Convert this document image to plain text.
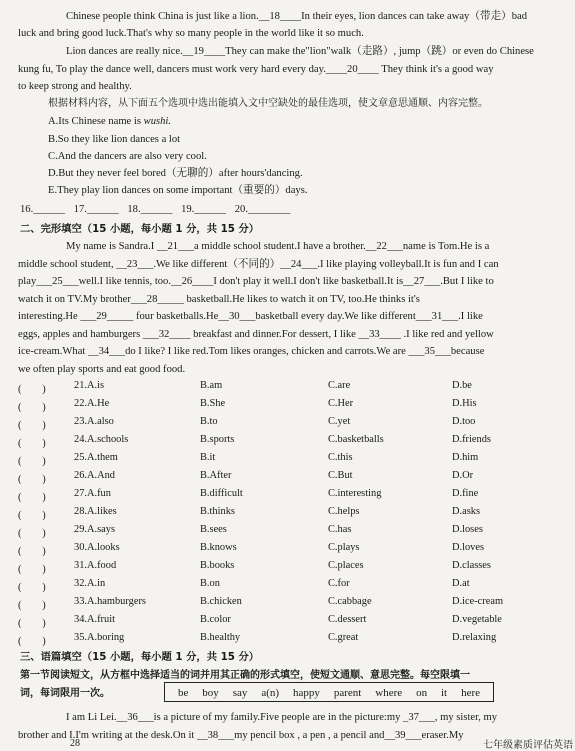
Chinese people think China is just like a lion.__18____In their eyes, lion dances can take away（带走）bad

luck and bring good luck.That's why so many people in the world like it so much.

Lion dances are really nice.__19____They can make the"lion"walk（走路）, jump（跳）or even do Chinese

kung fu, To play the dance well, dancers must work very hard every day.____20____ They think it's a good way

to keep strong and healthy.

根据材料内容，从下面五个选项中选出能填入文中空缺处的最佳选项，使文章意思通顺、内容完整。

A.Its Chinese name is wushi.

B.So they like lion dances a lot

C.And the dancers are also very cool.

D.But they never feel bored（无聊的）after hours'dancing.

E.They play lion dances on some important（重要的）days.

16.______ 17.______ 18.______ 19.______ 20.________

二、完形填空（15 小题，每小题 1 分，共 15 分）

My name is Sandra.I __21___a middle school student.I have a brother.__22___name is Tom.He is a

middle school student, __23___.We like different（不同的）__24___.I like playing volleyball.It is fun and I can

play___25___well.I like tennis, too.__26____I don't play it well.I don't like basketball.It is__27___.But I like to

watch it on TV.My brother___28_____ basketball.He likes to watch it on TV, too.He thinks it's

interesting.He ___29_____ four basketballs.He__30___basketball every day.We like different___31___.I like

eggs, apples and hamburgers ___32____ breakfast and dinner.For dessert, I like __33____ .I like red and yellow

ice-cream.What __34___do I like? I like red.Tom likes oranges, chicken and carrots.We are ___35___because

we often play sports and eat good food.

(　　)	21.A.is	B.am	C.are	D.be
(　　)	22.A.He	B.She	C.Her	D.His
(　　)	23.A.also	B.to	C.yet	D.too
(　　)	24.A.schools	B.sports	C.basketballs	D.friends
(　　)	25.A.them	B.it	C.this	D.him
(　　)	26.A.And	B.After	C.But	D.Or
(　　)	27.A.fun	B.difficult	C.interesting	D.fine
(　　)	28.A.likes	B.thinks	C.helps	D.asks
(　　)	29.A.says	B.sees	C.has	D.loses
(　　)	30.A.looks	B.knows	C.plays	D.loves
(　　)	31.A.food	B.books	C.places	D.classes
(　　)	32.A.in	B.on	C.for	D.at
(　　)	33.A.hamburgers	B.chicken	C.cabbage	D.ice-cream
(　　)	34.A.fruit	B.color	C.dessert	D.vegetable
(　　)	35.A.boring	B.healthy	C.great	D.relaxing

三、语篇填空（15 小题，每小题 1 分，共 15 分）

第一节阅读短文，从方框中选择适当的词并用其正确的形式填空，使短文通顺、意思完整。每空限填一

词，每词限用一次。	be boy say a(n) happy parent where on it here

I am Li Lei.__36___is a picture of my family.Five people are in the picture:my _37___, my sister, my

brother and I.I'm writing at the desk.On it __38___my pencil box , a pen , a pencil and__39___eraser.My

28	七年级素质评估英语
